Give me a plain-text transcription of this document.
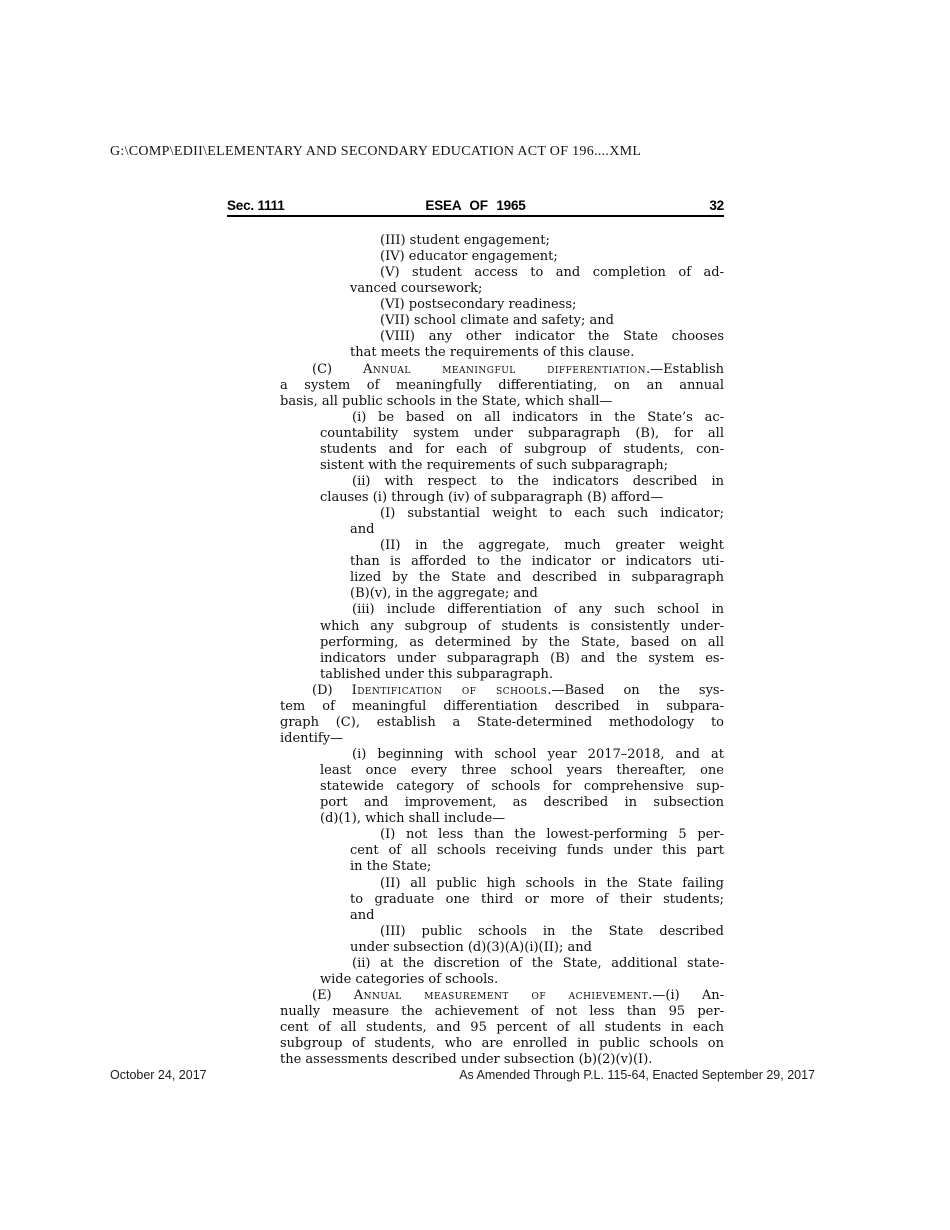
G:\COMP\EDII\ELEMENTARY AND SECONDARY EDUCATION ACT OF 196....XML
Sec. 1111	ESEA OF 1965	32
(III) student engagement;
(IV) educator engagement;
(V) student access to and completion of ad-
vanced coursework;
(VI) postsecondary readiness;
(VII) school climate and safety; and
(VIII) any other indicator the State chooses
that meets the requirements of this clause.
(C) Annual meaningful differentiation.—Establish
a system of meaningfully differentiating, on an annual
basis, all public schools in the State, which shall—
(i) be based on all indicators in the State’s ac-
countability system under subparagraph (B), for all
students and for each of subgroup of students, con-
sistent with the requirements of such subparagraph;
(ii) with respect to the indicators described in
clauses (i) through (iv) of subparagraph (B) afford—
(I) substantial weight to each such indicator;
and
(II) in the aggregate, much greater weight
than is afforded to the indicator or indicators uti-
lized by the State and described in subparagraph
(B)(v), in the aggregate; and
(iii) include differentiation of any such school in
which any subgroup of students is consistently under-
performing, as determined by the State, based on all
indicators under subparagraph (B) and the system es-
tablished under this subparagraph.
(D) Identification of schools.—Based on the sys-
tem of meaningful differentiation described in subpara-
graph (C), establish a State-determined methodology to
identify—
(i) beginning with school year 2017–2018, and at
least once every three school years thereafter, one
statewide category of schools for comprehensive sup-
port and improvement, as described in subsection
(d)(1), which shall include—
(I) not less than the lowest-performing 5 per-
cent of all schools receiving funds under this part
in the State;
(II) all public high schools in the State failing
to graduate one third or more of their students;
and
(III) public schools in the State described
under subsection (d)(3)(A)(i)(II); and
(ii) at the discretion of the State, additional state-
wide categories of schools.
(E) Annual measurement of achievement.—(i) An-
nually measure the achievement of not less than 95 per-
cent of all students, and 95 percent of all students in each
subgroup of students, who are enrolled in public schools on
the assessments described under subsection (b)(2)(v)(I).
October 24, 2017	As Amended Through P.L. 115-64, Enacted September 29, 2017
